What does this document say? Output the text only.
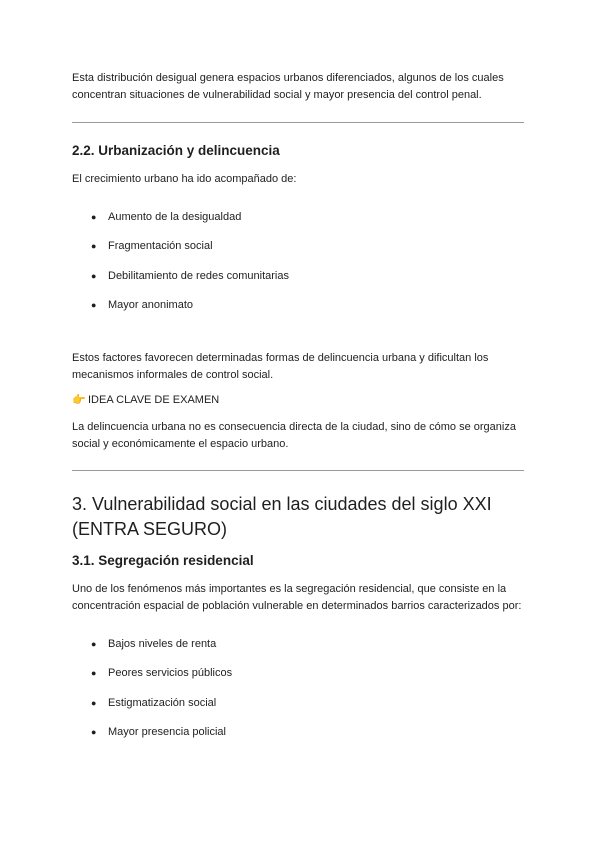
Esta distribución desigual genera espacios urbanos diferenciados, algunos de los cuales concentran situaciones de vulnerabilidad social y mayor presencia del control penal.

2.2. Urbanización y delincuencia

El crecimiento urbano ha ido acompañado de:

● Aumento de la desigualdad
● Fragmentación social
● Debilitamiento de redes comunitarias
● Mayor anonimato

Estos factores favorecen determinadas formas de delincuencia urbana y dificultan los mecanismos informales de control social.

👉 IDEA CLAVE DE EXAMEN

La delincuencia urbana no es consecuencia directa de la ciudad, sino de cómo se organiza social y económicamente el espacio urbano.

3. Vulnerabilidad social en las ciudades del siglo XXI (ENTRA SEGURO)
3.1. Segregación residencial

Uno de los fenómenos más importantes es la segregación residencial, que consiste en la concentración espacial de población vulnerable en determinados barrios caracterizados por:

● Bajos niveles de renta
● Peores servicios públicos
● Estigmatización social
● Mayor presencia policial
